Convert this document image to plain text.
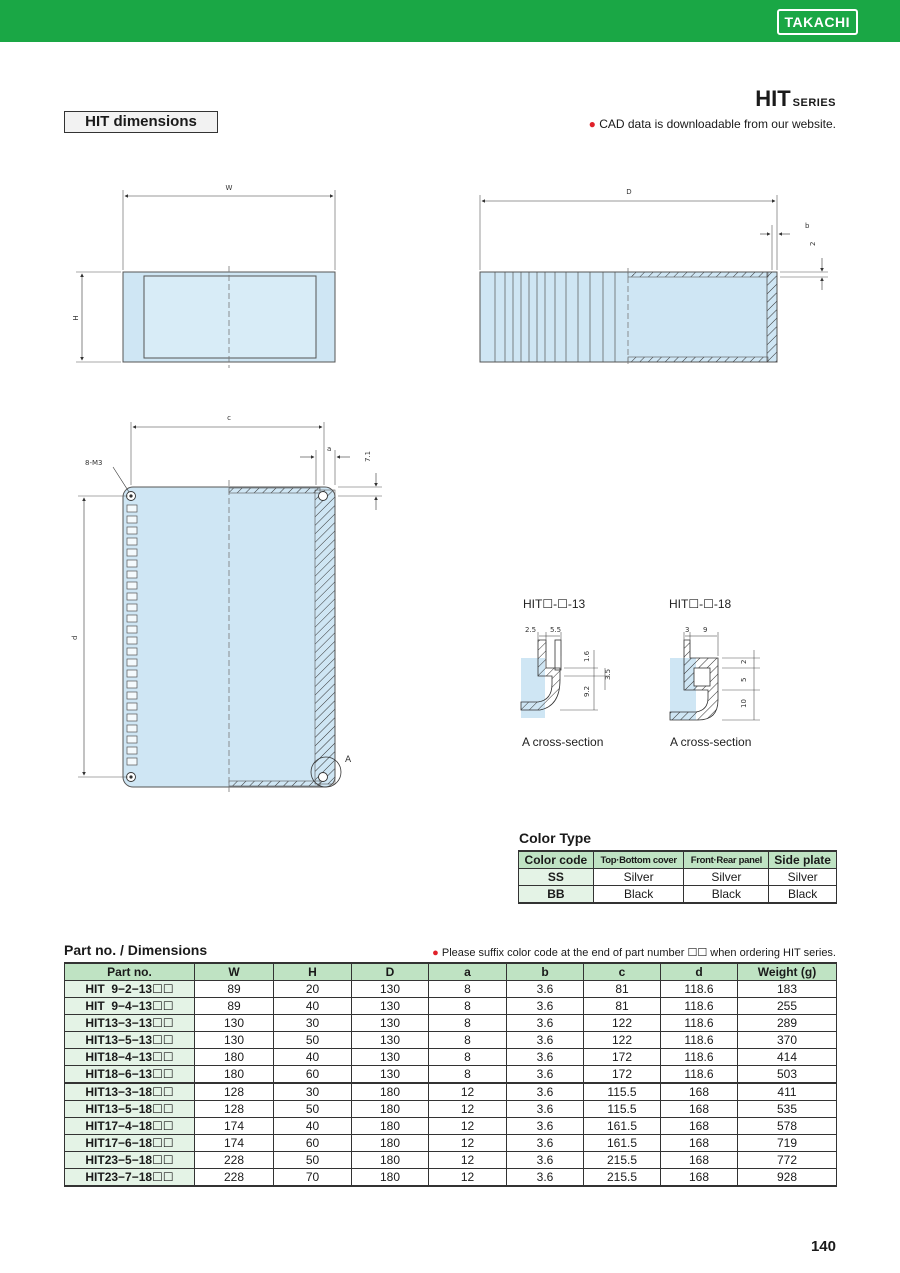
TAKACHI
HIT SERIES
HIT dimensions	● CAD data is downloadable from our website.
W
H
D
b
2
A
8-M3
c
a
7.1
d
HIT☐-☐-13
2.5 5.5
1.6
3.5
9.2
A cross-section
HIT☐-☐-18
3 9
2
5
10
A cross-section
Color Type
Color code	Top·Bottom cover	Front·Rear panel	Side plate
SS	Silver	Silver	Silver
BB	Black	Black	Black
Part no. / Dimensions	● Please suffix color code at the end of part number ☐☐ when ordering HIT series.
Part no.	W	H	D	a	b	c	d	Weight (g)
HIT  9−2−13☐☐	89	20	130	8	3.6	81	118.6	183
HIT  9−4−13☐☐	89	40	130	8	3.6	81	118.6	255
HIT13−3−13☐☐	130	30	130	8	3.6	122	118.6	289
HIT13−5−13☐☐	130	50	130	8	3.6	122	118.6	370
HIT18−4−13☐☐	180	40	130	8	3.6	172	118.6	414
HIT18−6−13☐☐	180	60	130	8	3.6	172	118.6	503
HIT13−3−18☐☐	128	30	180	12	3.6	115.5	168	411
HIT13−5−18☐☐	128	50	180	12	3.6	115.5	168	535
HIT17−4−18☐☐	174	40	180	12	3.6	161.5	168	578
HIT17−6−18☐☐	174	60	180	12	3.6	161.5	168	719
HIT23−5−18☐☐	228	50	180	12	3.6	215.5	168	772
HIT23−7−18☐☐	228	70	180	12	3.6	215.5	168	928
140
